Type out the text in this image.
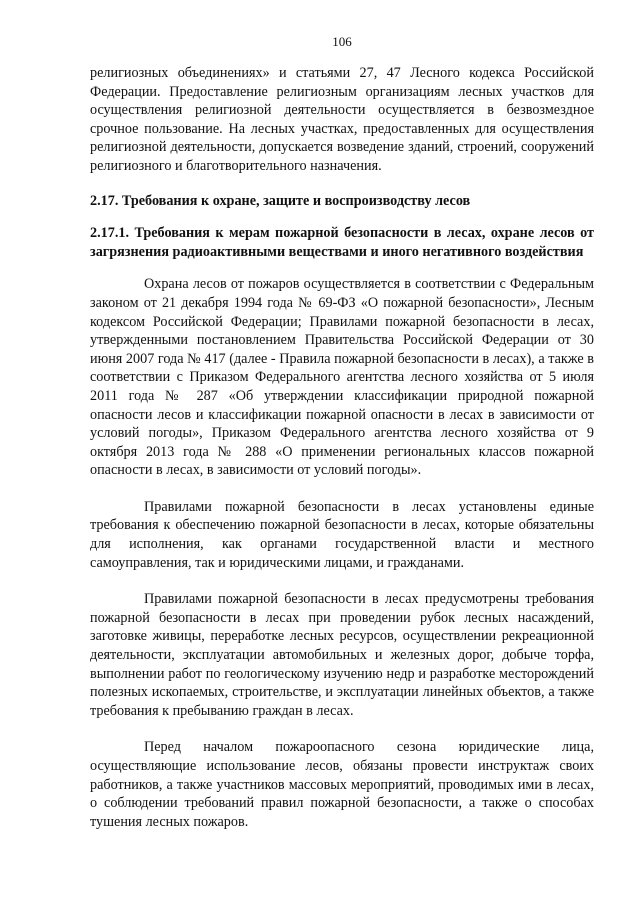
106

религиозных объединениях» и статьями 27, 47 Лесного кодекса Российской Федерации. Предоставление религиозным организациям лесных участков для осуществления религиозной деятельности осуществляется в безвозмездное срочное пользование. На лесных участках, предоставленных для осуществления религиозной деятельности, допускается возведение зданий, строений, сооружений религиозного и благотворительного назначения.

2.17. Требования к охране, защите и воспроизводству лесов
2.17.1. Требования к мерам пожарной безопасности в лесах, охране лесов от загрязнения радиоактивными веществами и иного негативного воздействия

Охрана лесов от пожаров осуществляется в соответствии с Федеральным законом от 21 декабря 1994 года № 69-ФЗ «О пожарной безопасности», Лесным кодексом Российской Федерации; Правилами пожарной безопасности в лесах, утвержденными постановлением Правительства Российской Федерации от 30 июня 2007 года № 417 (далее - Правила пожарной безопасности в лесах), а также в соответствии с Приказом Федерального агентства лесного хозяйства от 5 июля 2011 года № 287 «Об утверждении классификации природной пожарной опасности лесов и классификации пожарной опасности в лесах в зависимости от условий погоды», Приказом Федерального агентства лесного хозяйства от 9 октября 2013 года № 288 «О применении региональных классов пожарной опасности в лесах, в зависимости от условий погоды».

Правилами пожарной безопасности в лесах установлены единые требования к обеспечению пожарной безопасности в лесах, которые обязательны для исполнения, как органами государственной власти и местного самоуправления, так и юридическими лицами, и гражданами.

Правилами пожарной безопасности в лесах предусмотрены требования пожарной безопасности в лесах при проведении рубок лесных насаждений, заготовке живицы, переработке лесных ресурсов, осуществлении рекреационной деятельности, эксплуатации автомобильных и железных дорог, добыче торфа, выполнении работ по геологическому изучению недр и разработке месторождений полезных ископаемых, строительстве, и эксплуатации линейных объектов, а также требования к пребыванию граждан в лесах.

Перед началом пожароопасного сезона юридические лица, осуществляющие использование лесов, обязаны провести инструктаж своих работников, а также участников массовых мероприятий, проводимых ими в лесах, о соблюдении требований правил пожарной безопасности, а также о способах тушения лесных пожаров.
